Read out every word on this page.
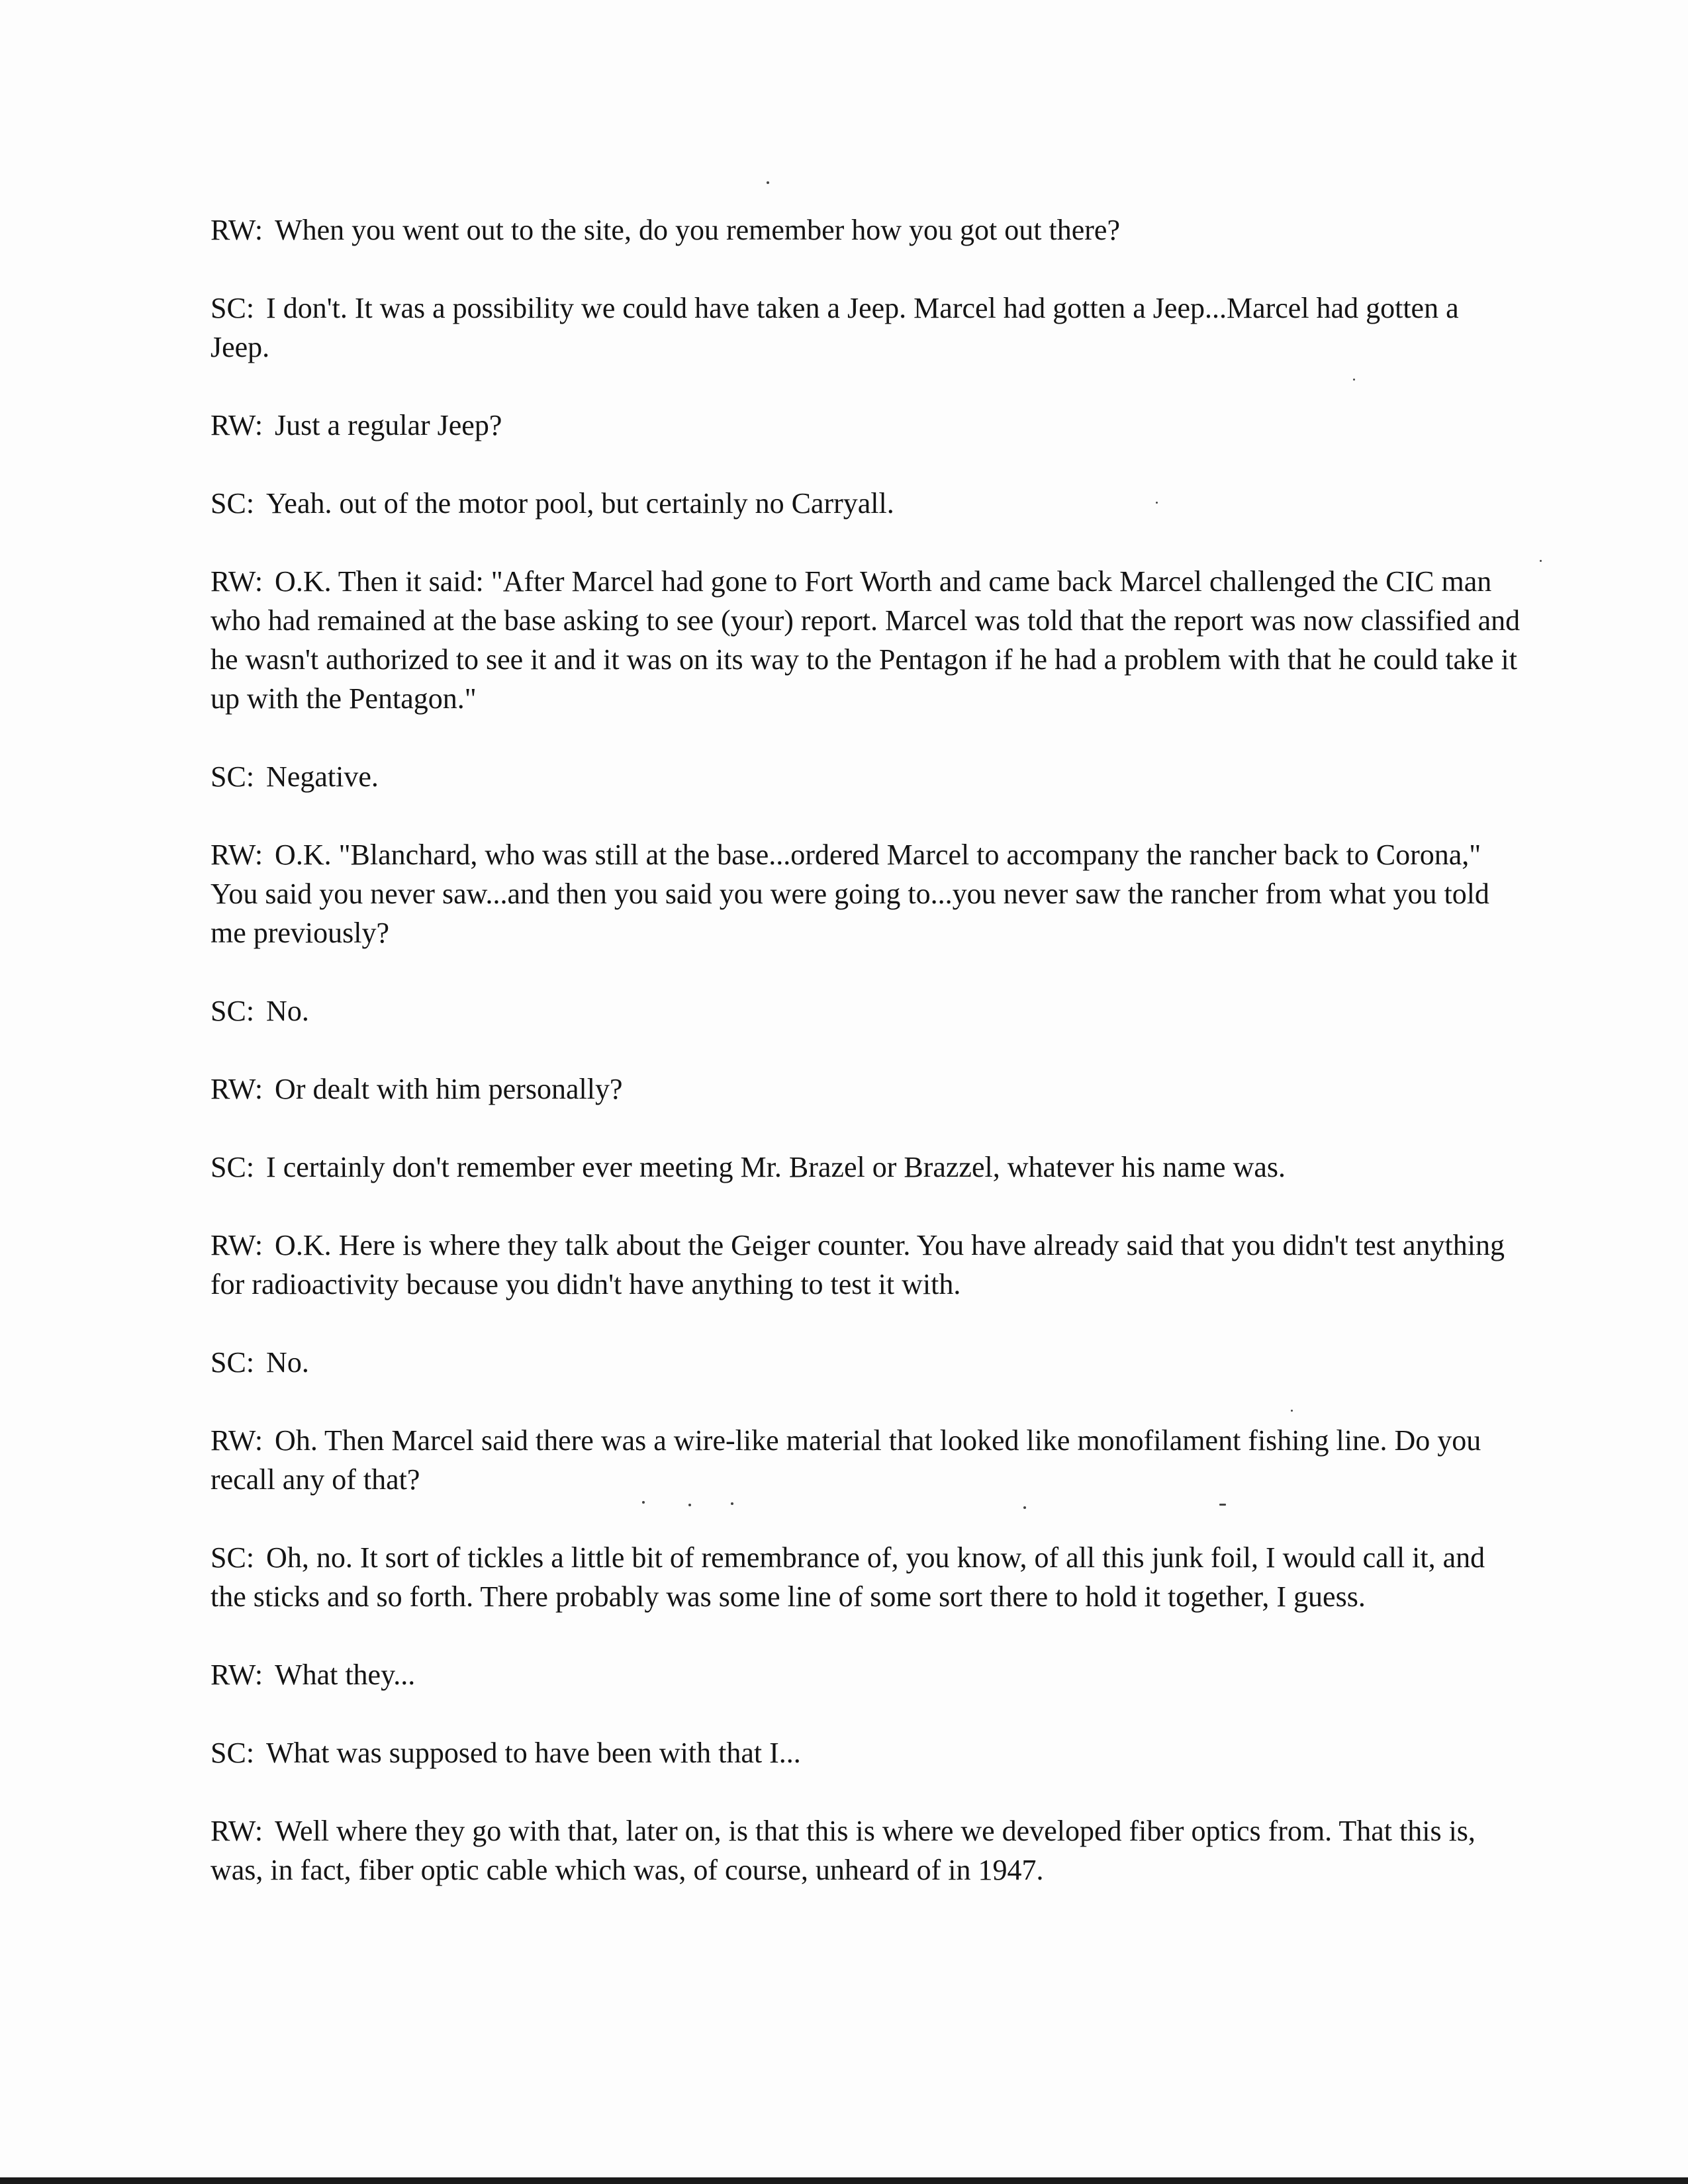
RW: When you went out to the site, do you remember how you got out there?

SC: I don't. It was a possibility we could have taken a Jeep. Marcel had gotten a Jeep...Marcel had gotten a Jeep.

RW: Just a regular Jeep?

SC: Yeah. out of the motor pool, but certainly no Carryall.

RW: O.K. Then it said: "After Marcel had gone to Fort Worth and came back Marcel challenged the CIC man who had remained at the base asking to see (your) report. Marcel was told that the report was now classified and he wasn't authorized to see it and it was on its way to the Pentagon if he had a problem with that he could take it up with the Pentagon."

SC: Negative.

RW: O.K. "Blanchard, who was still at the base...ordered Marcel to accompany the rancher back to Corona," You said you never saw...and then you said you were going to...you never saw the rancher from what you told me previously?

SC: No.

RW: Or dealt with him personally?

SC: I certainly don't remember ever meeting Mr. Brazel or Brazzel, whatever his name was.

RW: O.K. Here is where they talk about the Geiger counter. You have already said that you didn't test anything for radioactivity because you didn't have anything to test it with.

SC: No.

RW: Oh. Then Marcel said there was a wire-like material that looked like monofilament fishing line. Do you recall any of that?

SC: Oh, no. It sort of tickles a little bit of remembrance of, you know, of all this junk foil, I would call it, and the sticks and so forth. There probably was some line of some sort there to hold it together, I guess.

RW: What they...

SC: What was supposed to have been with that I...

RW: Well where they go with that, later on, is that this is where we developed fiber optics from. That this is, was, in fact, fiber optic cable which was, of course, unheard of in 1947.
